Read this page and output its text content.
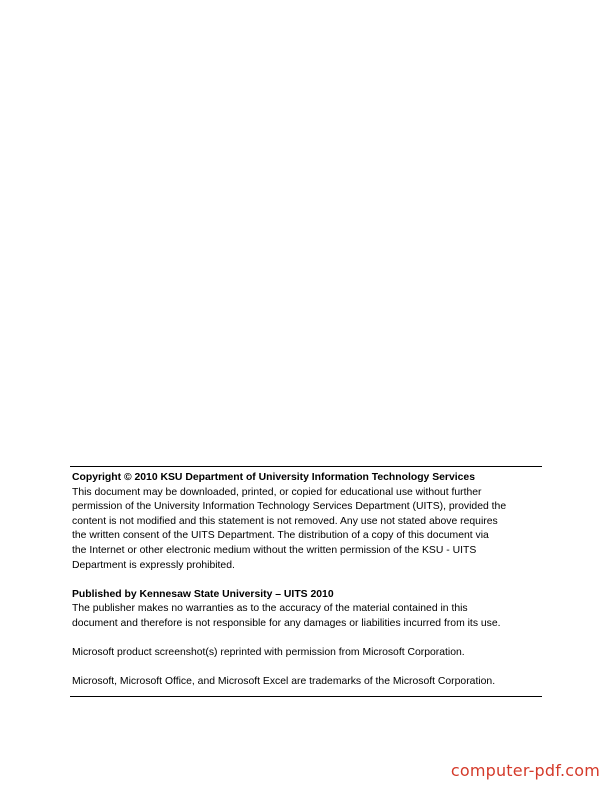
Copyright © 2010 KSU Department of University Information Technology Services

This document may be downloaded, printed, or copied for educational use without further
permission of the University Information Technology Services Department (UITS), provided the
content is not modified and this statement is not removed. Any use not stated above requires
the written consent of the UITS Department. The distribution of a copy of this document via
the Internet or other electronic medium without the written permission of the KSU - UITS
Department is expressly prohibited.

Published by Kennesaw State University – UITS 2010

The publisher makes no warranties as to the accuracy of the material contained in this
document and therefore is not responsible for any damages or liabilities incurred from its use.

Microsoft product screenshot(s) reprinted with permission from Microsoft Corporation.

Microsoft, Microsoft Office, and Microsoft Excel are trademarks of the Microsoft Corporation.

computer-pdf.com
